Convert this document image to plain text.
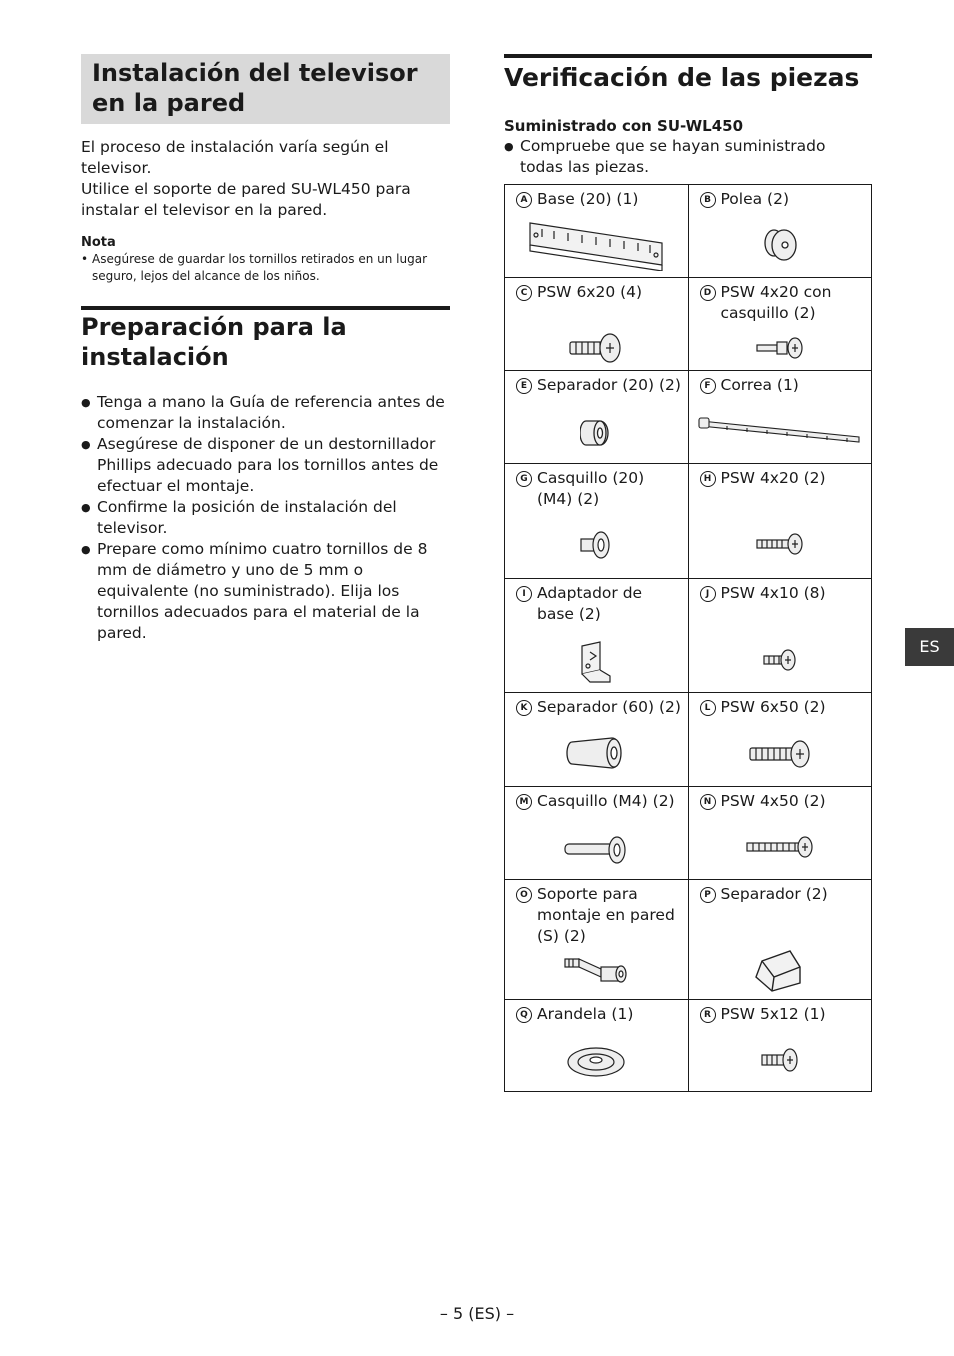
Instalación del televisor en la pared

El proceso de instalación varía según el televisor.

Utilice el soporte de pared SU-WL450 para instalar el televisor en la pared.

Nota

• Asegúrese de guardar los tornillos retirados en un lugar seguro, lejos del alcance de los niños.

Preparación para la instalación
● Tenga a mano la Guía de referencia antes de comenzar la instalación.
● Asegúrese de disponer de un destornillador Phillips adecuado para los tornillos antes de efectuar el montaje.
● Confirme la posición de instalación del televisor.
● Prepare como mínimo cuatro tornillos de 8 mm de diámetro y uno de 5 mm o equivalente (no suministrado). Elija los tornillos adecuados para el material de la pared.
Verificación de las piezas
Suministrado con SU-WL450
● Compruebe que se hayan suministrado todas las piezas.
A Base (20) (1)	B Polea (2)

C PSW 6x20 (4)	D PSW 4x20 con casquillo (2)

E Separador (20) (2)	F Correa (1)

G Casquillo (20) (M4) (2)	H PSW 4x20 (2)

I Adaptador de base (2)	J PSW 4x10 (8)

K Separador (60) (2)	L PSW 6x50 (2)

M Casquillo (M4) (2)	N PSW 4x50 (2)

O Soporte para montaje en pared (S) (2)	P Separador (2)

Q Arandela (1)	R PSW 5x12 (1)
ES
– 5 (ES) –
